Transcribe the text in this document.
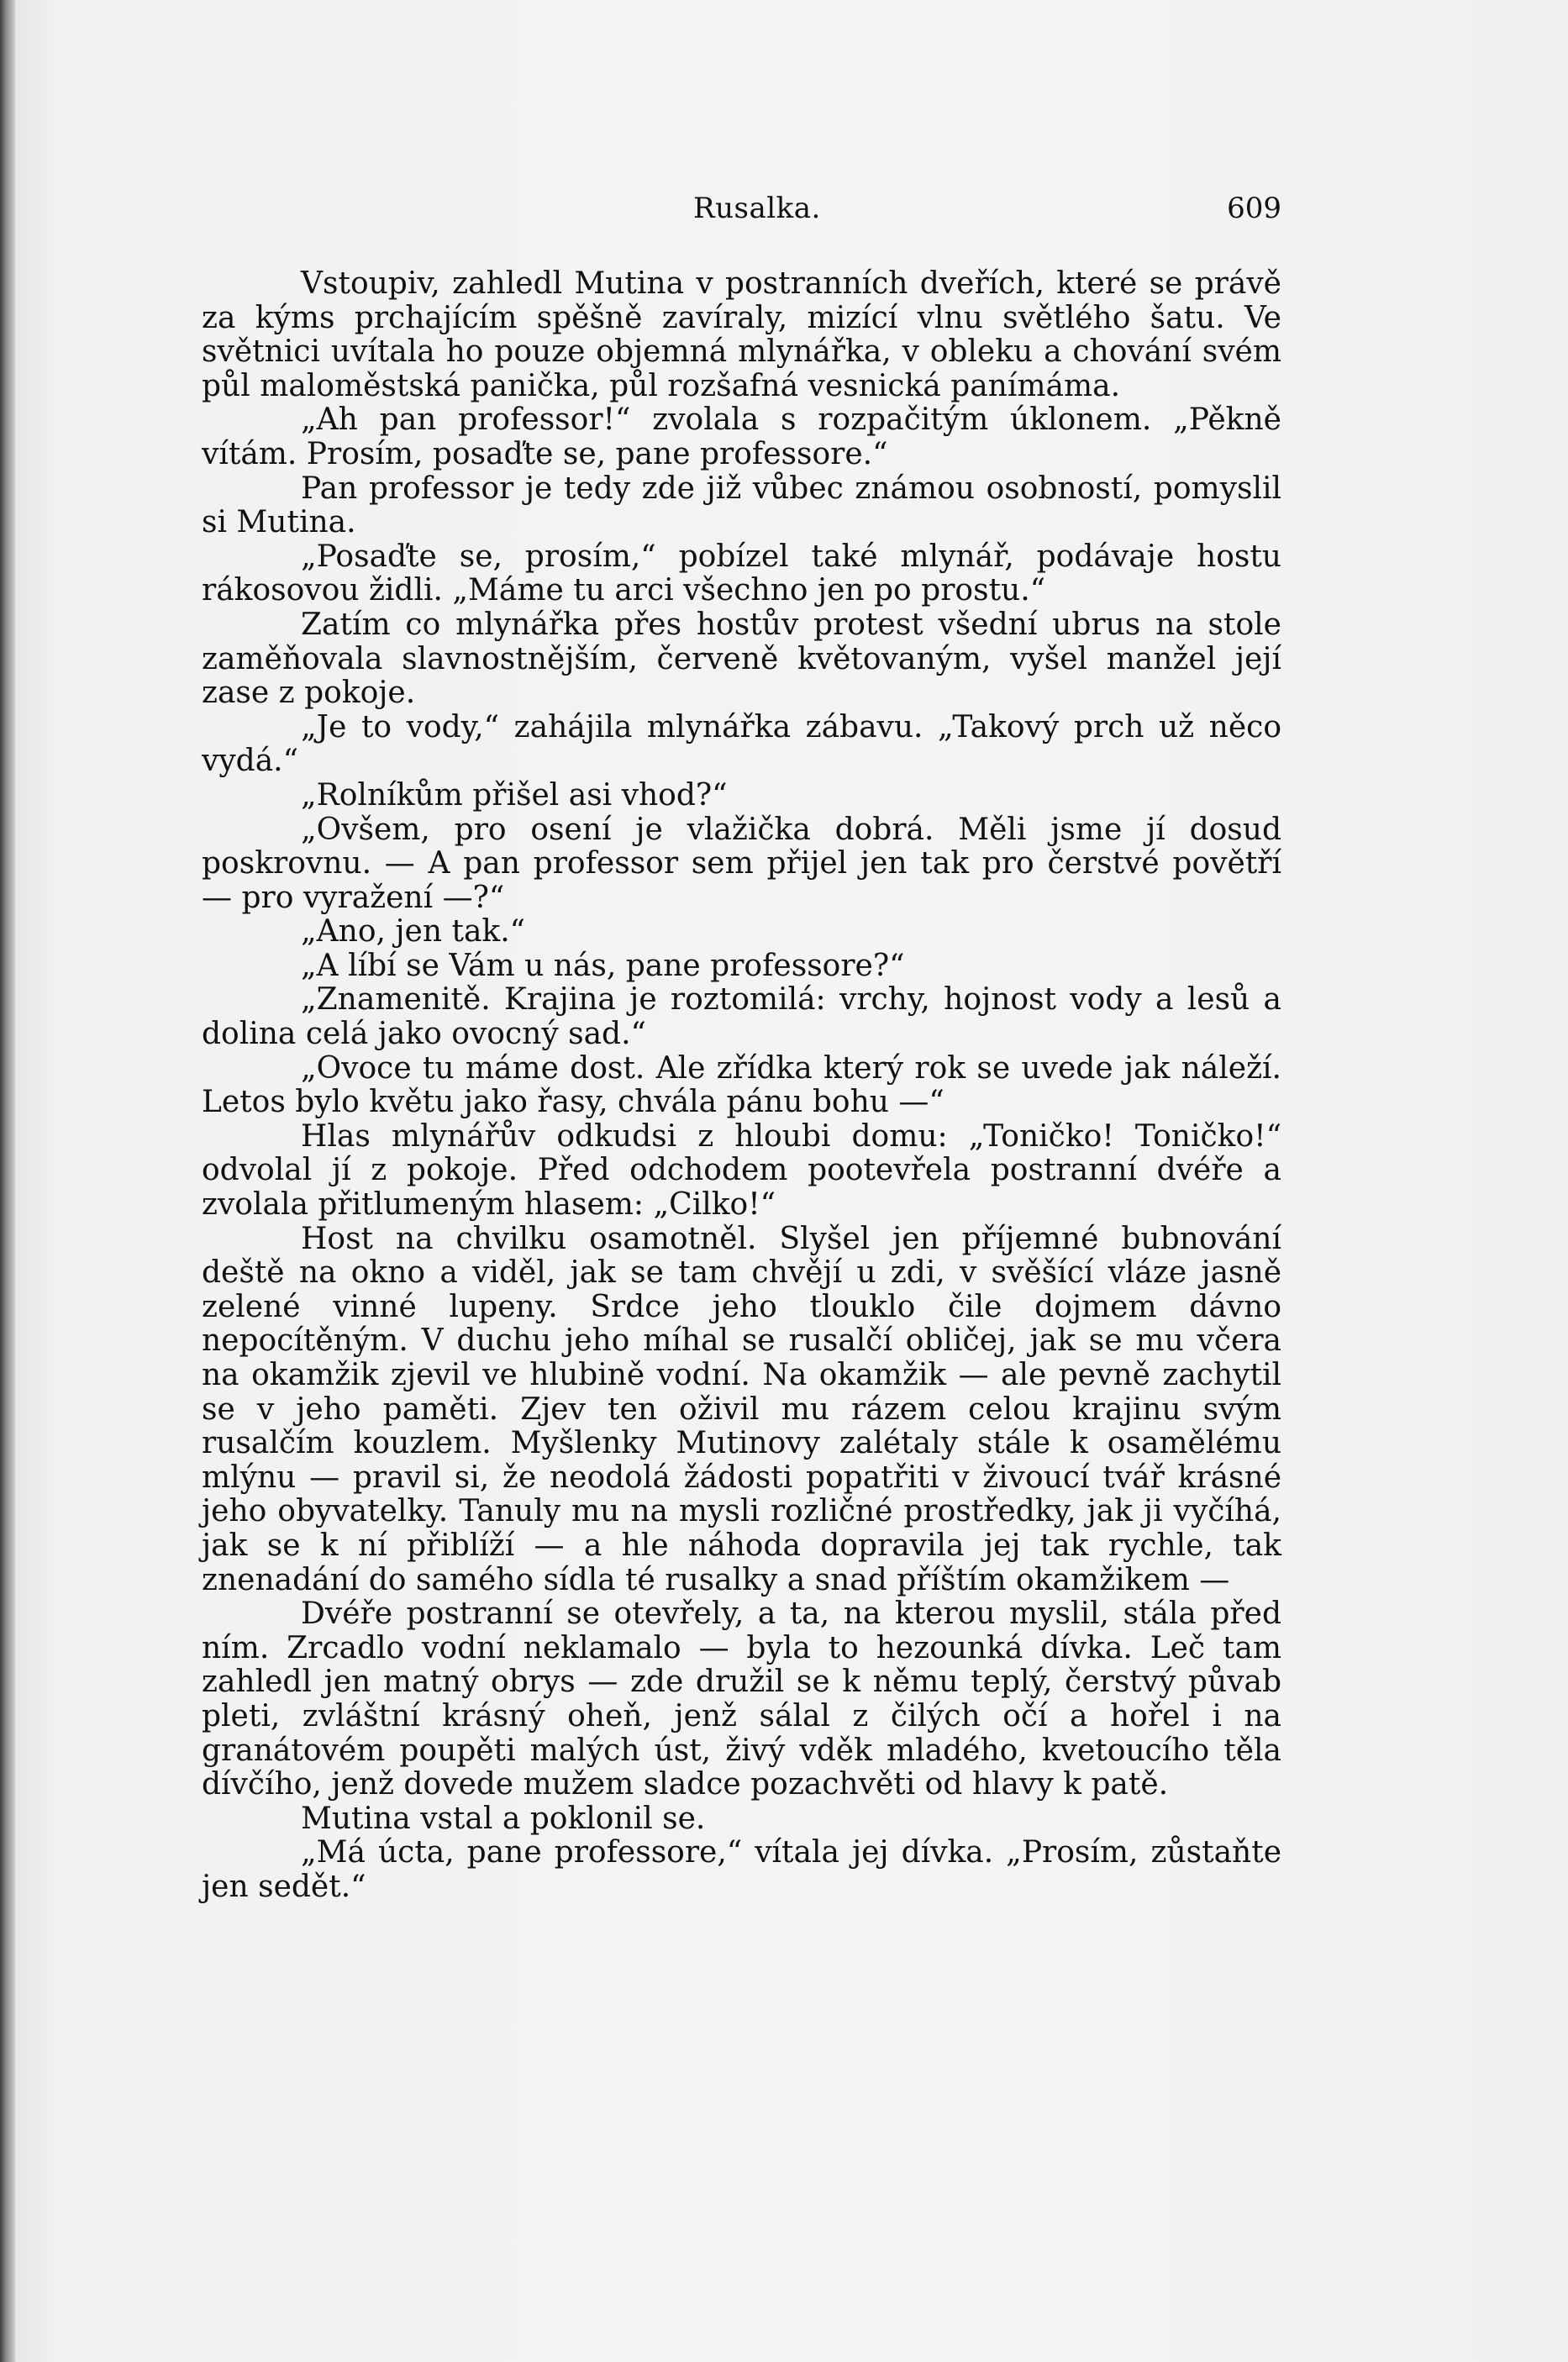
Rusalka.	609

Vstoupiv, zahledl Mutina v postranních dveřích, které se právě za kýms prchajícím spěšně zavíraly, mizící vlnu světlého šatu. Ve světnici uvítala ho pouze objemná mlynářka, v obleku a chování svém půl maloměstská panička, půl rozšafná vesnická panímáma.

„Ah pan professor!“ zvolala s rozpačitým úklonem. „Pěkně vítám. Prosím, posaďte se, pane professore.“

Pan professor je tedy zde již vůbec známou osobností, pomyslil si Mutina.

„Posaďte se, prosím,“ pobízel také mlynář, podávaje hostu rákosovou židli. „Máme tu arci všechno jen po prostu.“

Zatím co mlynářka přes hostův protest všední ubrus na stole zaměňovala slavnostnějším, červeně květovaným, vyšel manžel její zase z pokoje.

„Je to vody,“ zahájila mlynářka zábavu. „Takový prch už něco vydá.“

„Rolníkům přišel asi vhod?“

„Ovšem, pro osení je vlažička dobrá. Měli jsme jí dosud poskrovnu. — A pan professor sem přijel jen tak pro čerstvé povětří — pro vyražení —?“

„Ano, jen tak.“

„A líbí se Vám u nás, pane professore?“

„Znamenitě. Krajina je roztomilá: vrchy, hojnost vody a lesů a dolina celá jako ovocný sad.“

„Ovoce tu máme dost. Ale zřídka který rok se uvede jak náleží. Letos bylo květu jako řasy, chvála pánu bohu —“

Hlas mlynářův odkudsi z hloubi domu: „Toničko! Toničko!“ odvolal jí z pokoje. Před odchodem pootevřela postranní dvéře a zvolala přitlumeným hlasem: „Cilko!“

Host na chvilku osamotněl. Slyšel jen příjemné bubnování deště na okno a viděl, jak se tam chvějí u zdi, v svěšící vláze jasně zelené vinné lupeny. Srdce jeho tlouklo čile dojmem dávno nepocítěným. V duchu jeho míhal se rusalčí obličej, jak se mu včera na okamžik zjevil ve hlubině vodní. Na okamžik — ale pevně zachytil se v jeho paměti. Zjev ten oživil mu rázem celou krajinu svým rusalčím kouzlem. Myšlenky Mutinovy zalétaly stále k osamělému mlýnu — pravil si, že neodolá žádosti popatřiti v živoucí tvář krásné jeho obyvatelky. Tanuly mu na mysli rozličné prostředky, jak ji vyčíhá, jak se k ní přiblíží — a hle náhoda dopravila jej tak rychle, tak znenadání do samého sídla té rusalky a snad příštím okamžikem —

Dvéře postranní se otevřely, a ta, na kterou myslil, stála před ním. Zrcadlo vodní neklamalo — byla to hezounká dívka. Leč tam zahledl jen matný obrys — zde družil se k němu teplý, čerstvý půvab pleti, zvláštní krásný oheň, jenž sálal z čilých očí a hořel i na granátovém poupěti malých úst, živý vděk mladého, kvetoucího těla dívčího, jenž dovede mužem sladce pozachvěti od hlavy k patě.

Mutina vstal a poklonil se.

„Má úcta, pane professore,“ vítala jej dívka. „Prosím, zůstaňte jen sedět.“
